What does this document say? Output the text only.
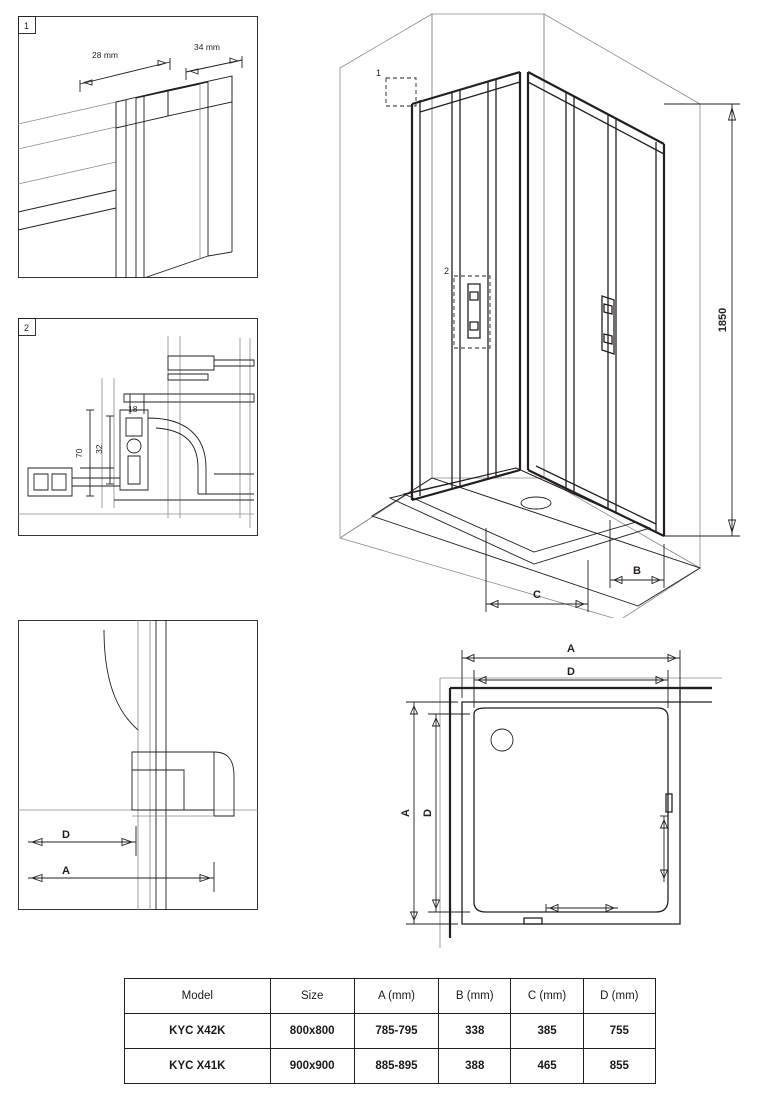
1
28 mm
34 mm
2
18
32
70
D
A
1
2
1850
B
C
A
D
A D
Model	Size	A (mm)	B (mm)	C (mm)	D (mm)
KYC X42K	800x800	785-795	338	385	755
KYC X41K	900x900	885-895	388	465	855
